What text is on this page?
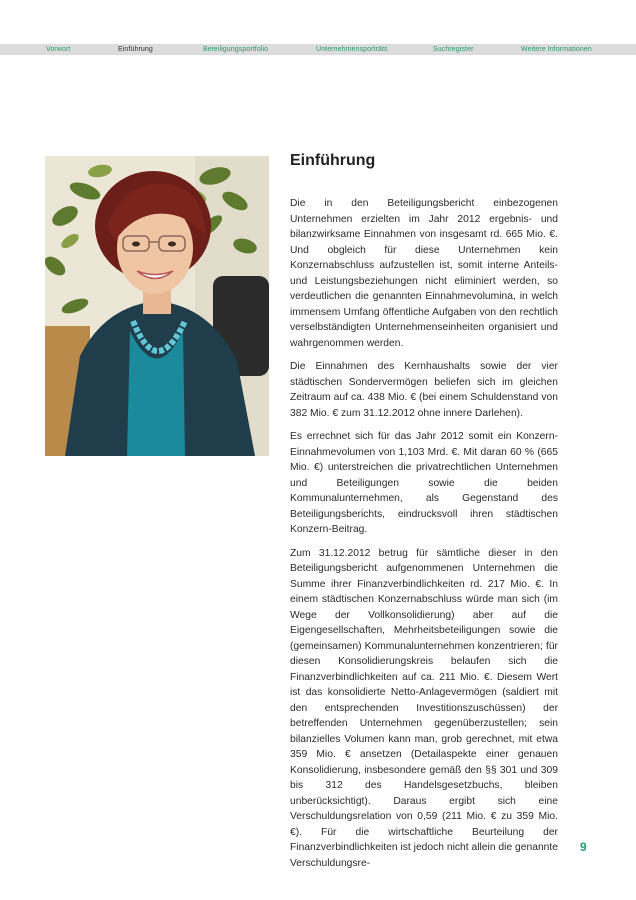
Vorwort	Einführung	Beteiligungsportfolio	Unternehmensporträts	Suchregister	Weitere Informationen
Einführung

Die in den Beteiligungsbericht einbezogenen Unternehmen erzielten im Jahr 2012 ergebnis- und bilanzwirksame Einnahmen von insgesamt rd. 665 Mio. €. Und obgleich für diese Unternehmen kein Konzernabschluss aufzustellen ist, somit interne Anteils- und Leistungsbeziehungen nicht eliminiert werden, so verdeutlichen die genannten Einnahmevolumina, in welch immensem Umfang öffentliche Aufgaben von den rechtlich verselbständigten Unternehmenseinheiten organisiert und wahrgenommen werden.

Die Einnahmen des Kernhaushalts sowie der vier städtischen Sondervermögen beliefen sich im gleichen Zeitraum auf ca. 438 Mio. € (bei einem Schuldenstand von 382 Mio. € zum 31.12.2012 ohne innere Darlehen).

Es errechnet sich für das Jahr 2012 somit ein Konzern-Einnahmevolumen von 1,103 Mrd. €. Mit daran 60 % (665 Mio. €) unterstreichen die privatrechtlichen Unternehmen und Beteiligungen sowie die beiden Kommunalunternehmen, als Gegenstand des Beteiligungsberichts, eindrucksvoll ihren städtischen Konzern-Beitrag.

Zum 31.12.2012 betrug für sämtliche dieser in den Beteiligungsbericht aufgenommenen Unternehmen die Summe ihrer Finanzverbindlichkeiten rd. 217 Mio. €. In einem städtischen Konzernabschluss würde man sich (im Wege der Vollkonsolidierung) aber auf die Eigengesellschaften, Mehrheitsbeteiligungen sowie die (gemeinsamen) Kommunalunternehmen konzentrieren; für diesen Konsolidierungskreis belaufen sich die Finanzverbindlichkeiten auf ca. 211 Mio. €. Diesem Wert ist das konsolidierte Netto-Anlagevermögen (saldiert mit den entsprechenden Investitionszuschüssen) der betreffenden Unternehmen gegenüberzustellen; sein bilanzielles Volumen kann man, grob gerechnet, mit etwa 359 Mio. € ansetzen (Detailaspekte einer genauen Konsolidierung, insbesondere gemäß den §§ 301 und 309 bis 312 des Handelsgesetzbuchs, bleiben unberücksichtigt). Daraus ergibt sich eine Verschuldungsrelation von 0,59 (211 Mio. € zu 359 Mio. €). Für die wirtschaftliche Beurteilung der Finanzverbindlichkeiten ist jedoch nicht allein die genannte Verschuldungsre-

9
